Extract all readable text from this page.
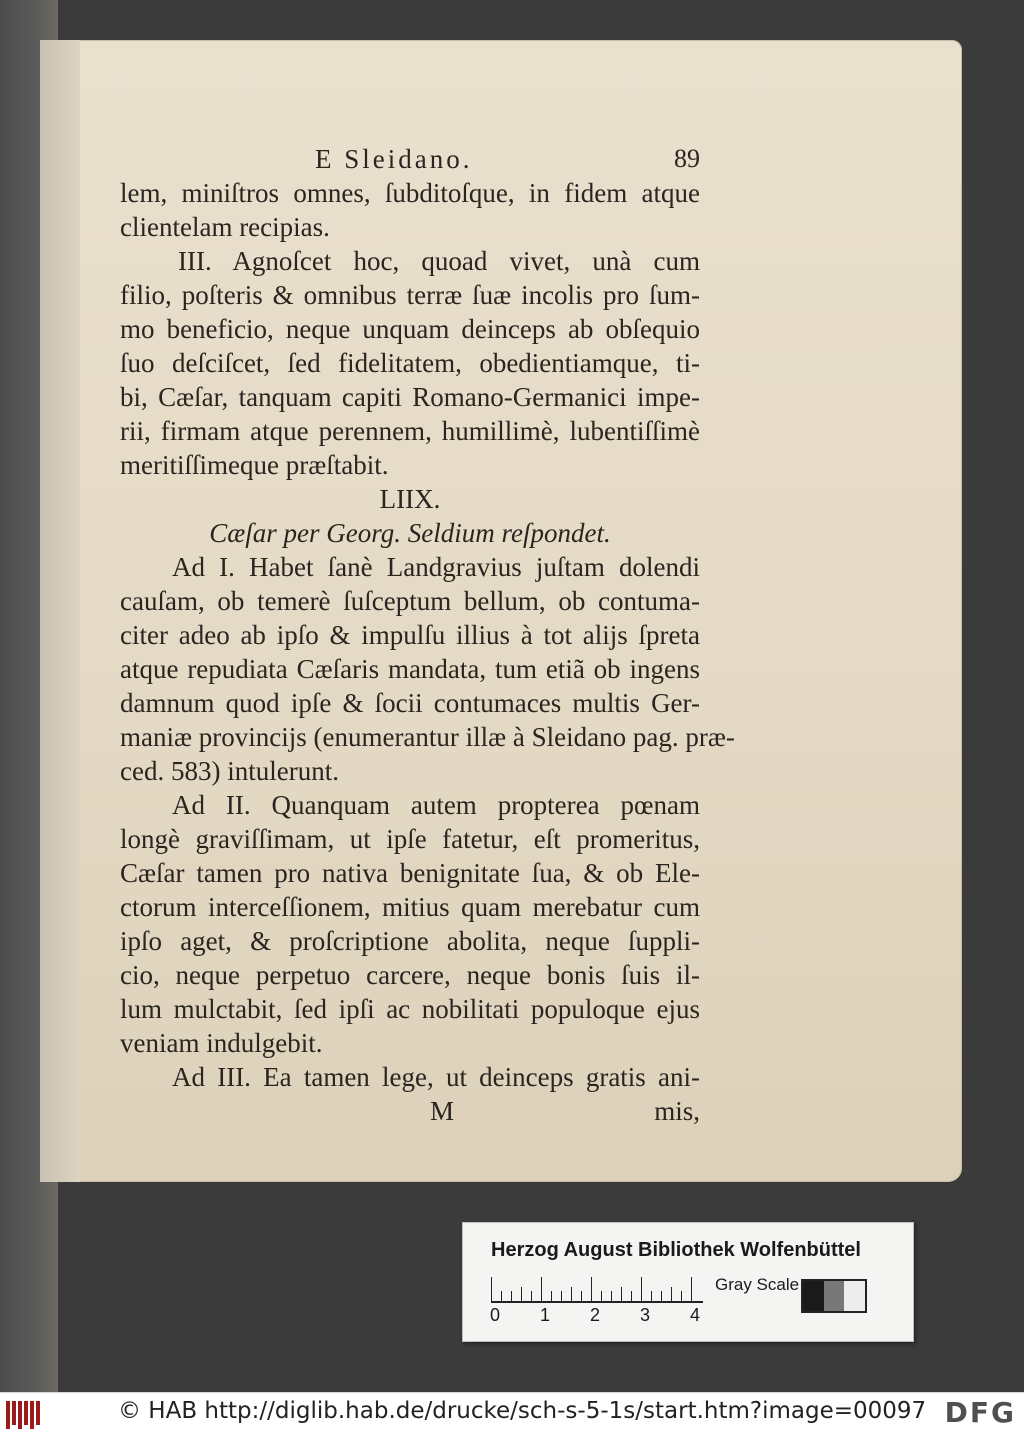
E Sleidano.	89
lem, miniſtros omnes, ſubditoſque, in fidem atque
clientelam recipias.
III. Agnoſcet hoc, quoad vivet, unà cum
filio, poſteris & omnibus terræ ſuæ incolis pro ſum-
mo beneficio, neque unquam deinceps ab obſequio
ſuo deſciſcet, ſed fidelitatem, obedientiamque, ti-
bi, Cæſar, tanquam capiti Romano-Germanici impe-
rii, firmam atque perennem, humillimè, lubentiſſimè
meritiſſimeque præſtabit.
LIIX.
Cæſar per Georg. Seldium reſpondet.
Ad I. Habet ſanè Landgravius juſtam dolendi
cauſam, ob temerè ſuſceptum bellum, ob contuma-
citer adeo ab ipſo & impulſu illius à tot aliјs ſpreta
atque repudiata Cæſaris mandata, tum etiã ob ingens
damnum quod ipſe & ſocii contumaces multis Ger-
maniæ provincijs (enumerantur illæ à Sleidano pag. præ-
ced. 583) intulerunt.
Ad II. Quanquam autem propterea pœnam
longè graviſſimam, ut ipſe fatetur, eſt promeritus,
Cæſar tamen pro nativa benignitate ſua, & ob Ele-
ctorum interceſſionem, mitius quam merebatur cum
ipſo aget, & proſcriptione abolita, neque ſuppli-
cio, neque perpetuo carcere, neque bonis ſuis il-
lum mulctabit, ſed ipſi ac nobilitati populoque ejus
veniam indulgebit.
Ad III. Ea tamen lege, ut deinceps gratis ani-
M	mis,
Herzog August Bibliothek Wolfenbüttel
0 1 2 3 4
Gray Scale
© HAB http://diglib.hab.de/drucke/sch-s-5-1s/start.htm?image=00097 DFG
